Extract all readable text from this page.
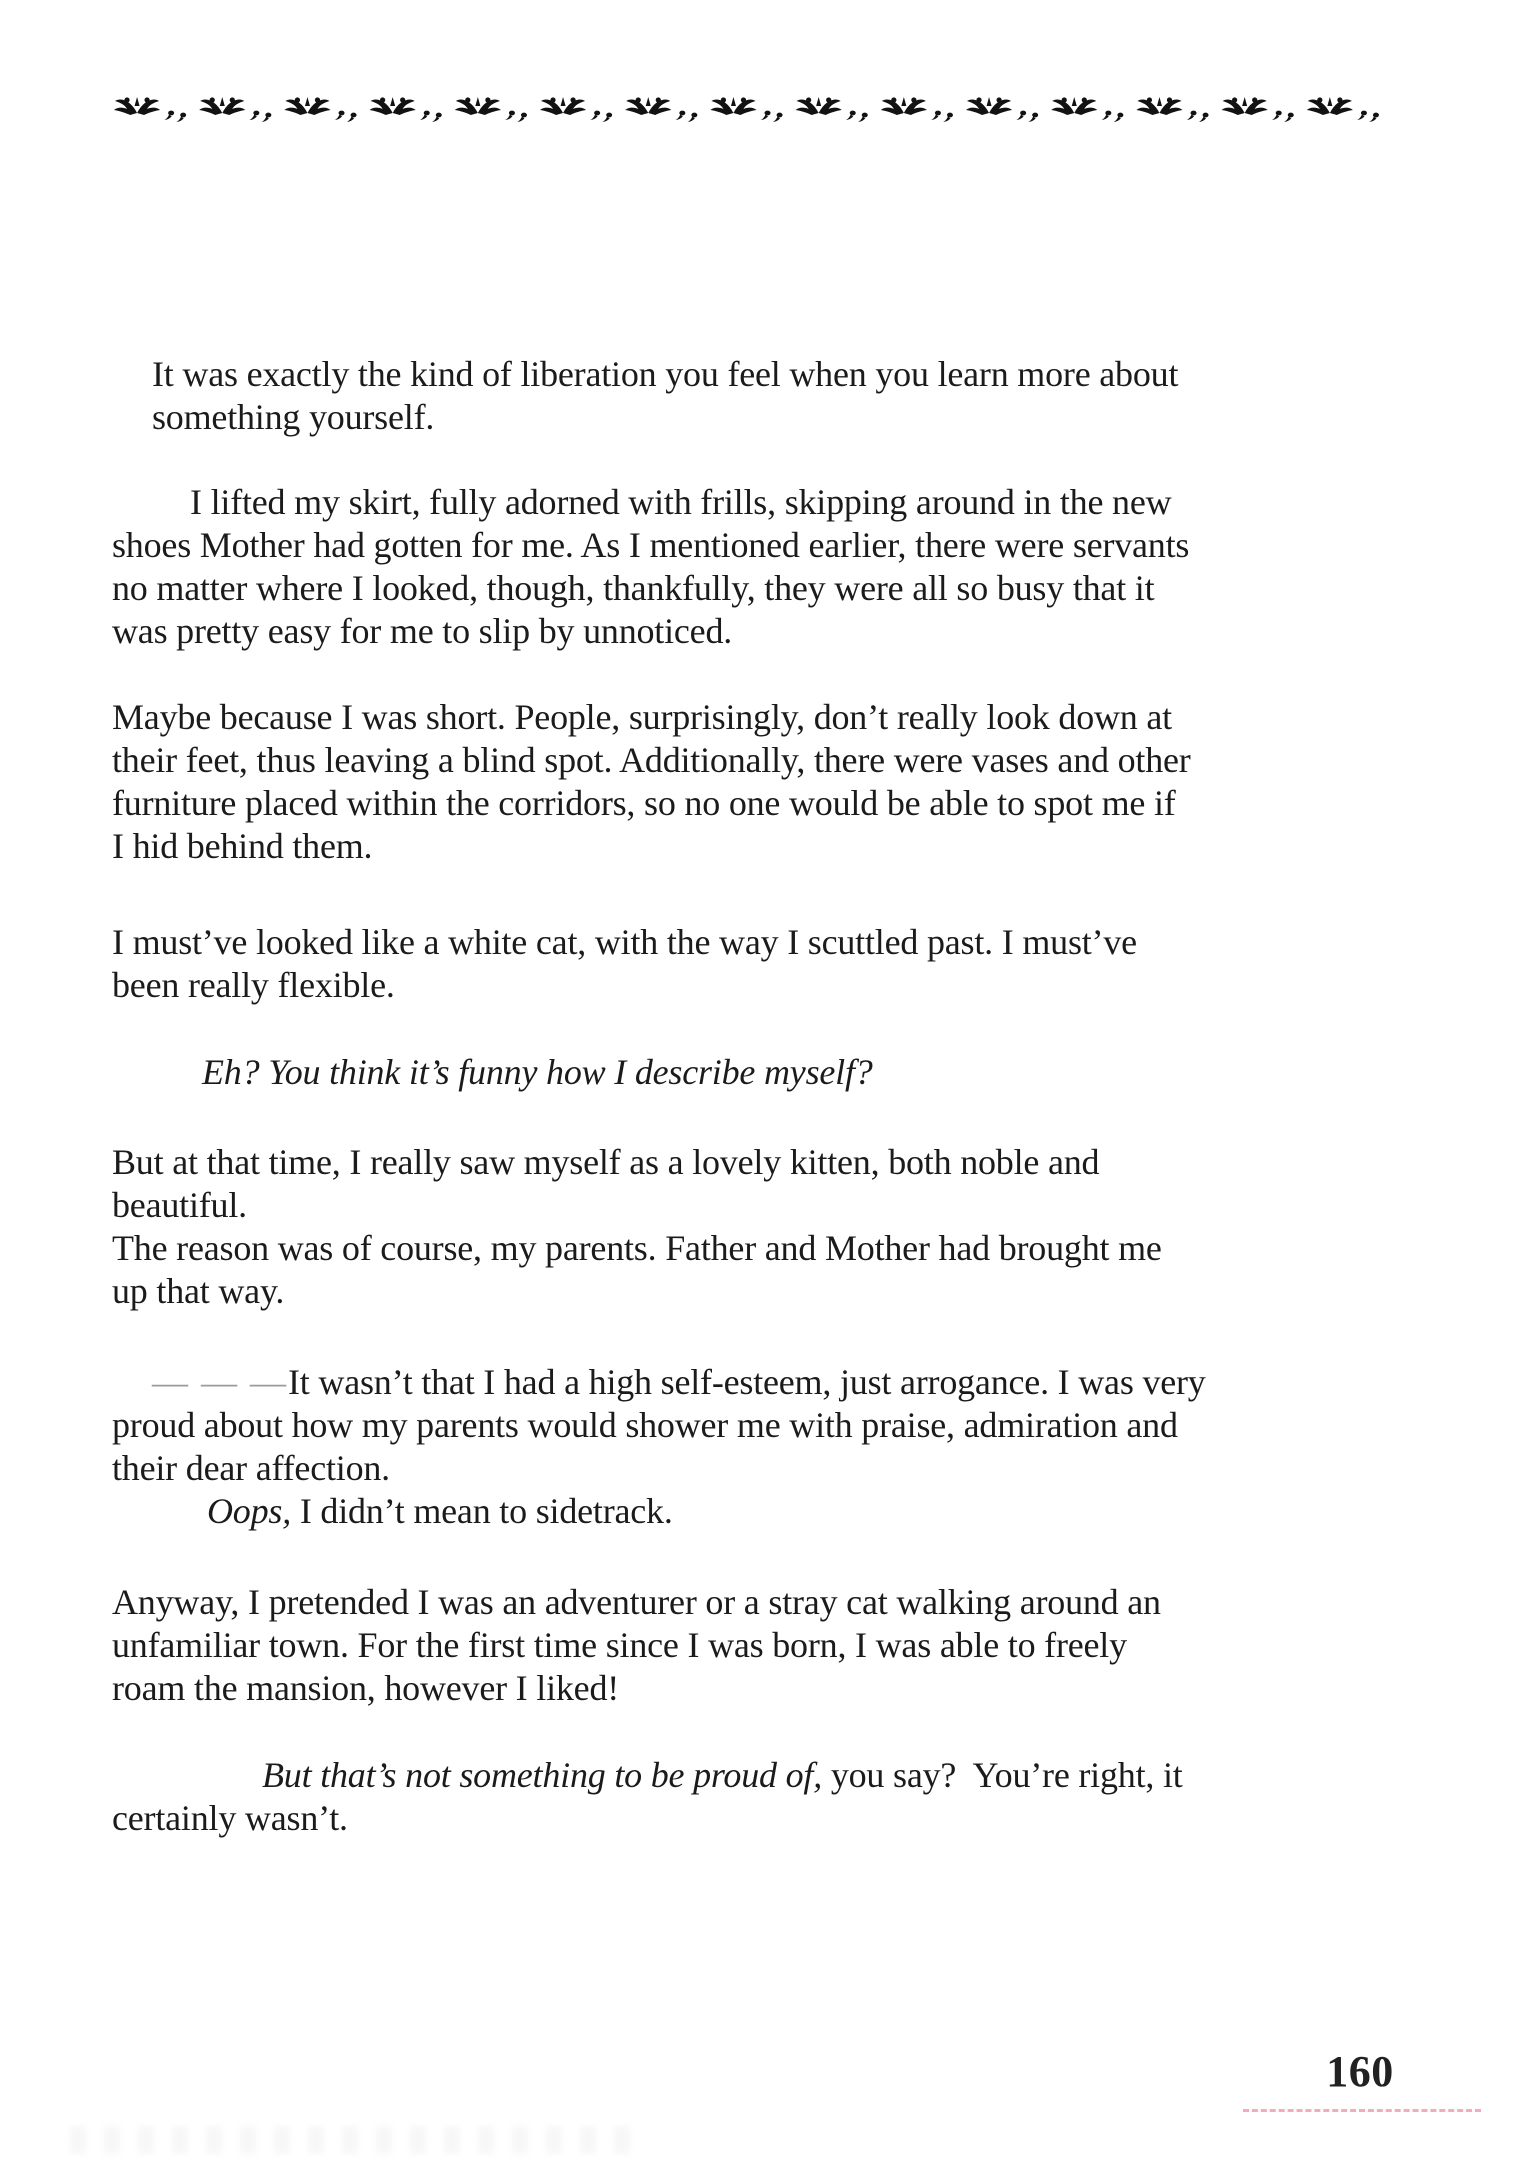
It was exactly the kind of liberation you feel when you learn more about
something yourself.
I lifted my skirt, fully adorned with frills, skipping around in the new
shoes Mother had gotten for me. As I mentioned earlier, there were servants
no matter where I looked, though, thankfully, they were all so busy that it
was pretty easy for me to slip by unnoticed.
Maybe because I was short. People, surprisingly, don’t really look down at
their feet, thus leaving a blind spot. Additionally, there were vases and other
furniture placed within the corridors, so no one would be able to spot me if
I hid behind them.
I must’ve looked like a white cat, with the way I scuttled past. I must’ve
been really flexible.
Eh? You think it’s funny how I describe myself?
But at that time, I really saw myself as a lovely kitten, both noble and
beautiful.
The reason was of course, my parents. Father and Mother had brought me
up that way.
— — —It wasn’t that I had a high self-esteem, just arrogance. I was very
proud about how my parents would shower me with praise, admiration and
their dear affection.
Oops, I didn’t mean to sidetrack.
Anyway, I pretended I was an adventurer or a stray cat walking around an
unfamiliar town. For the first time since I was born, I was able to freely
roam the mansion, however I liked!
But that’s not something to be proud of, you say?  You’re right, it
certainly wasn’t.
160
